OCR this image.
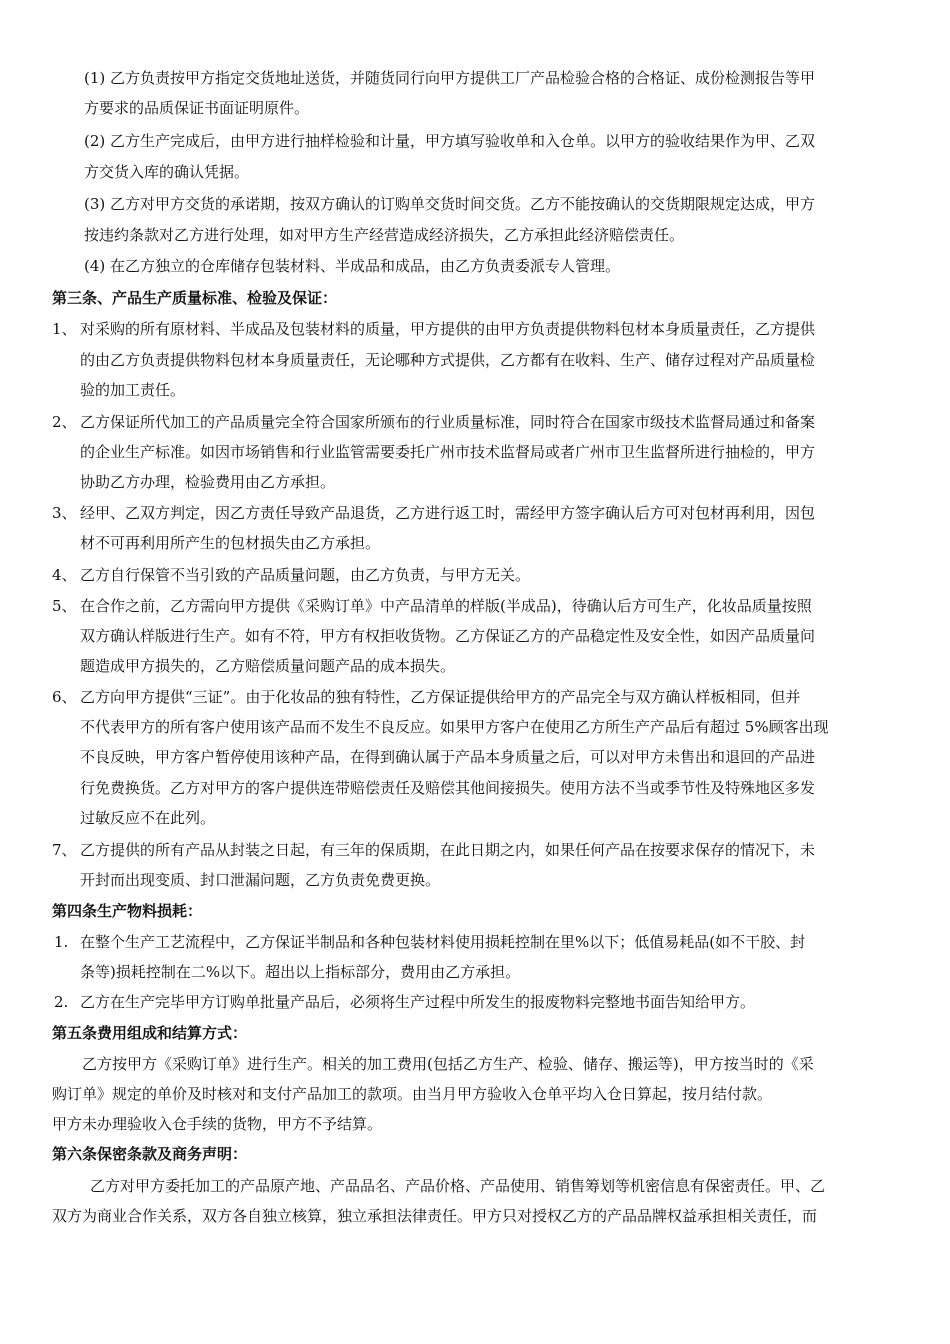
(1) 乙方负责按甲方指定交货地址送货，并随货同行向甲方提供工厂产品检验合格的合格证、成份检测报告等甲
方要求的品质保证书面证明原件。
(2) 乙方生产完成后，由甲方进行抽样检验和计量，甲方填写验收单和入仓单。以甲方的验收结果作为甲、乙双
方交货入库的确认凭据。
(3) 乙方对甲方交货的承诺期，按双方确认的订购单交货时间交货。乙方不能按确认的交货期限规定达成，甲方
按违约条款对乙方进行处理，如对甲方生产经营造成经济损失，乙方承担此经济赔偿责任。
(4) 在乙方独立的仓库储存包装材料、半成品和成品，由乙方负责委派专人管理。
第三条、产品生产质量标准、检验及保证：
1、 对采购的所有原材料、半成品及包装材料的质量，甲方提供的由甲方负责提供物料包材本身质量责任，乙方提供
的由乙方负责提供物料包材本身质量责任，无论哪种方式提供，乙方都有在收料、生产、储存过程对产品质量检
验的加工责任。
2、 乙方保证所代加工的产品质量完全符合国家所颁布的行业质量标准，同时符合在国家市级技术监督局通过和备案
的企业生产标准。如因市场销售和行业监管需要委托广州市技术监督局或者广州市卫生监督所进行抽检的，甲方
协助乙方办理，检验费用由乙方承担。
3、 经甲、乙双方判定，因乙方责任导致产品退货，乙方进行返工时，需经甲方签字确认后方可对包材再利用，因包
材不可再利用所产生的包材损失由乙方承担。
4、 乙方自行保管不当引致的产品质量问题，由乙方负责，与甲方无关。
5、 在合作之前，乙方需向甲方提供《采购订单》中产品清单的样版(半成品)，待确认后方可生产，化妆品质量按照
双方确认样版进行生产。如有不符，甲方有权拒收货物。乙方保证乙方的产品稳定性及安全性，如因产品质量问
题造成甲方损失的，乙方赔偿质量问题产品的成本损失。
6、 乙方向甲方提供“三证”。由于化妆品的独有特性，乙方保证提供给甲方的产品完全与双方确认样板相同，但并
不代表甲方的所有客户使用该产品而不发生不良反应。如果甲方客户在使用乙方所生产产品后有超过 5%顾客出现
不良反映，甲方客户暂停使用该种产品，在得到确认属于产品本身质量之后，可以对甲方未售出和退回的产品进
行免费换货。乙方对甲方的客户提供连带赔偿责任及赔偿其他间接损失。使用方法不当或季节性及特殊地区多发
过敏反应不在此列。
7、 乙方提供的所有产品从封装之日起，有三年的保质期，在此日期之内，如果任何产品在按要求保存的情况下，未
开封而出现变质、封口泄漏问题，乙方负责免费更换。
第四条生产物料损耗：
1. 在整个生产工艺流程中，乙方保证半制品和各种包装材料使用损耗控制在里%以下；低值易耗品(如不干胶、封
条等)损耗控制在二%以下。超出以上指标部分，费用由乙方承担。
2. 乙方在生产完毕甲方订购单批量产品后，必须将生产过程中所发生的报废物料完整地书面告知给甲方。
第五条费用组成和结算方式：
乙方按甲方《采购订单》进行生产。相关的加工费用(包括乙方生产、检验、储存、搬运等)，甲方按当时的《采
购订单》规定的单价及时核对和支付产品加工的款项。由当月甲方验收入仓单平均入仓日算起，按月结付款。
甲方未办理验收入仓手续的货物，甲方不予结算。
第六条保密条款及商务声明：
乙方对甲方委托加工的产品原产地、产品品名、产品价格、产品使用、销售筹划等机密信息有保密责任。甲、乙
双方为商业合作关系，双方各自独立核算，独立承担法律责任。甲方只对授权乙方的产品品牌权益承担相关责任，而
